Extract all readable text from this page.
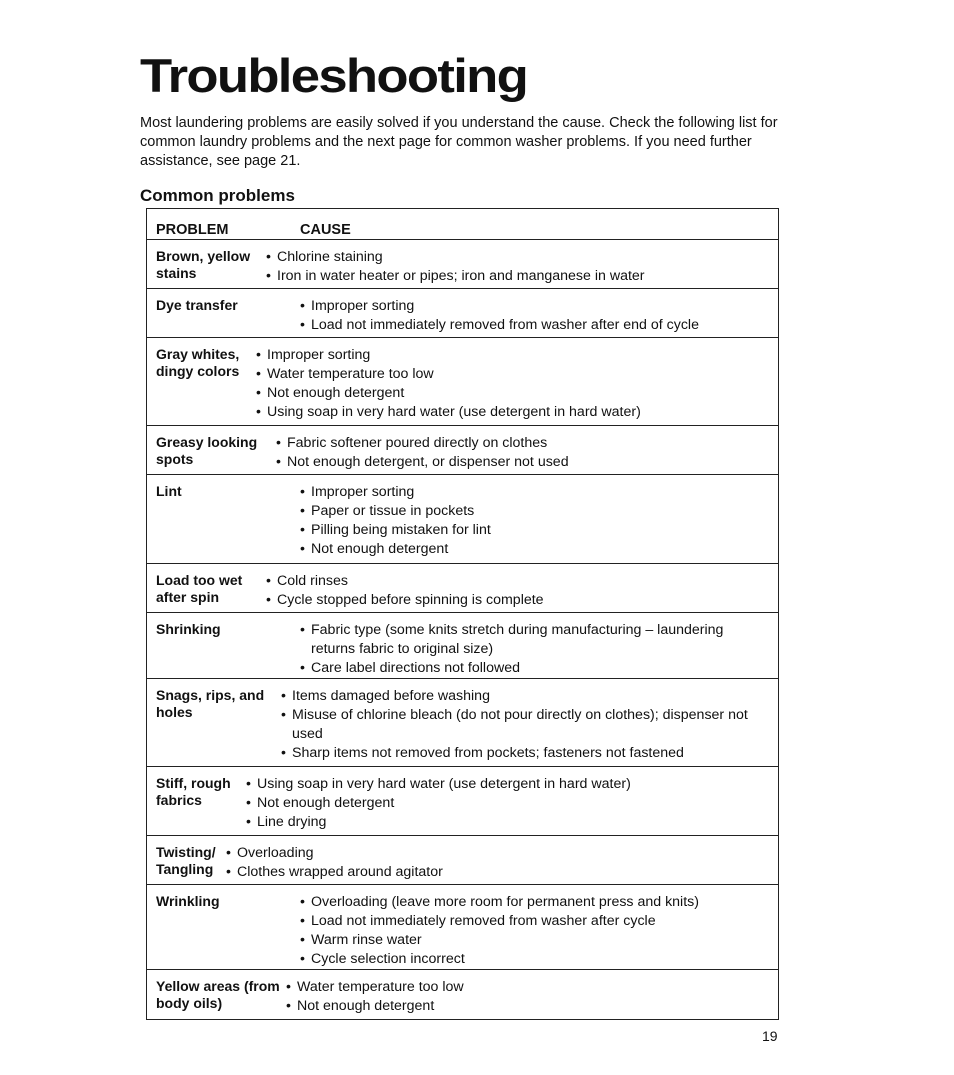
Troubleshooting

Most laundering problems are easily solved if you understand the cause. Check the following list for common laundry problems and the next page for common washer problems. If you need further assistance, see page 21.

Common problems
PROBLEM	CAUSE
Brown, yellow stains
• Chlorine staining
• Iron in water heater or pipes; iron and manganese in water
Dye transfer	• Improper sorting
• Load not immediately removed from washer after end of cycle
Gray whites, dingy colors
• Improper sorting
• Water temperature too low
• Not enough detergent
• Using soap in very hard water (use detergent in hard water)
Greasy looking spots
• Fabric softener poured directly on clothes
• Not enough detergent, or dispenser not used
Lint	• Improper sorting
• Paper or tissue in pockets
• Pilling being mistaken for lint
• Not enough detergent
Load too wet after spin
• Cold rinses
• Cycle stopped before spinning is complete
Shrinking	• Fabric type (some knits stretch during manufacturing – laundering returns fabric to original size)
• Care label directions not followed
Snags, rips, and holes
• Items damaged before washing
• Misuse of chlorine bleach (do not pour directly on clothes); dispenser not used
• Sharp items not removed from pockets; fasteners not fastened
Stiff, rough fabrics
• Using soap in very hard water (use detergent in hard water)
• Not enough detergent
• Line drying
Twisting/ Tangling
• Overloading
• Clothes wrapped around agitator
Wrinkling	• Overloading (leave more room for permanent press and knits)
• Load not immediately removed from washer after cycle
• Warm rinse water
• Cycle selection incorrect
Yellow areas (from body oils)
• Water temperature too low
• Not enough detergent
19
